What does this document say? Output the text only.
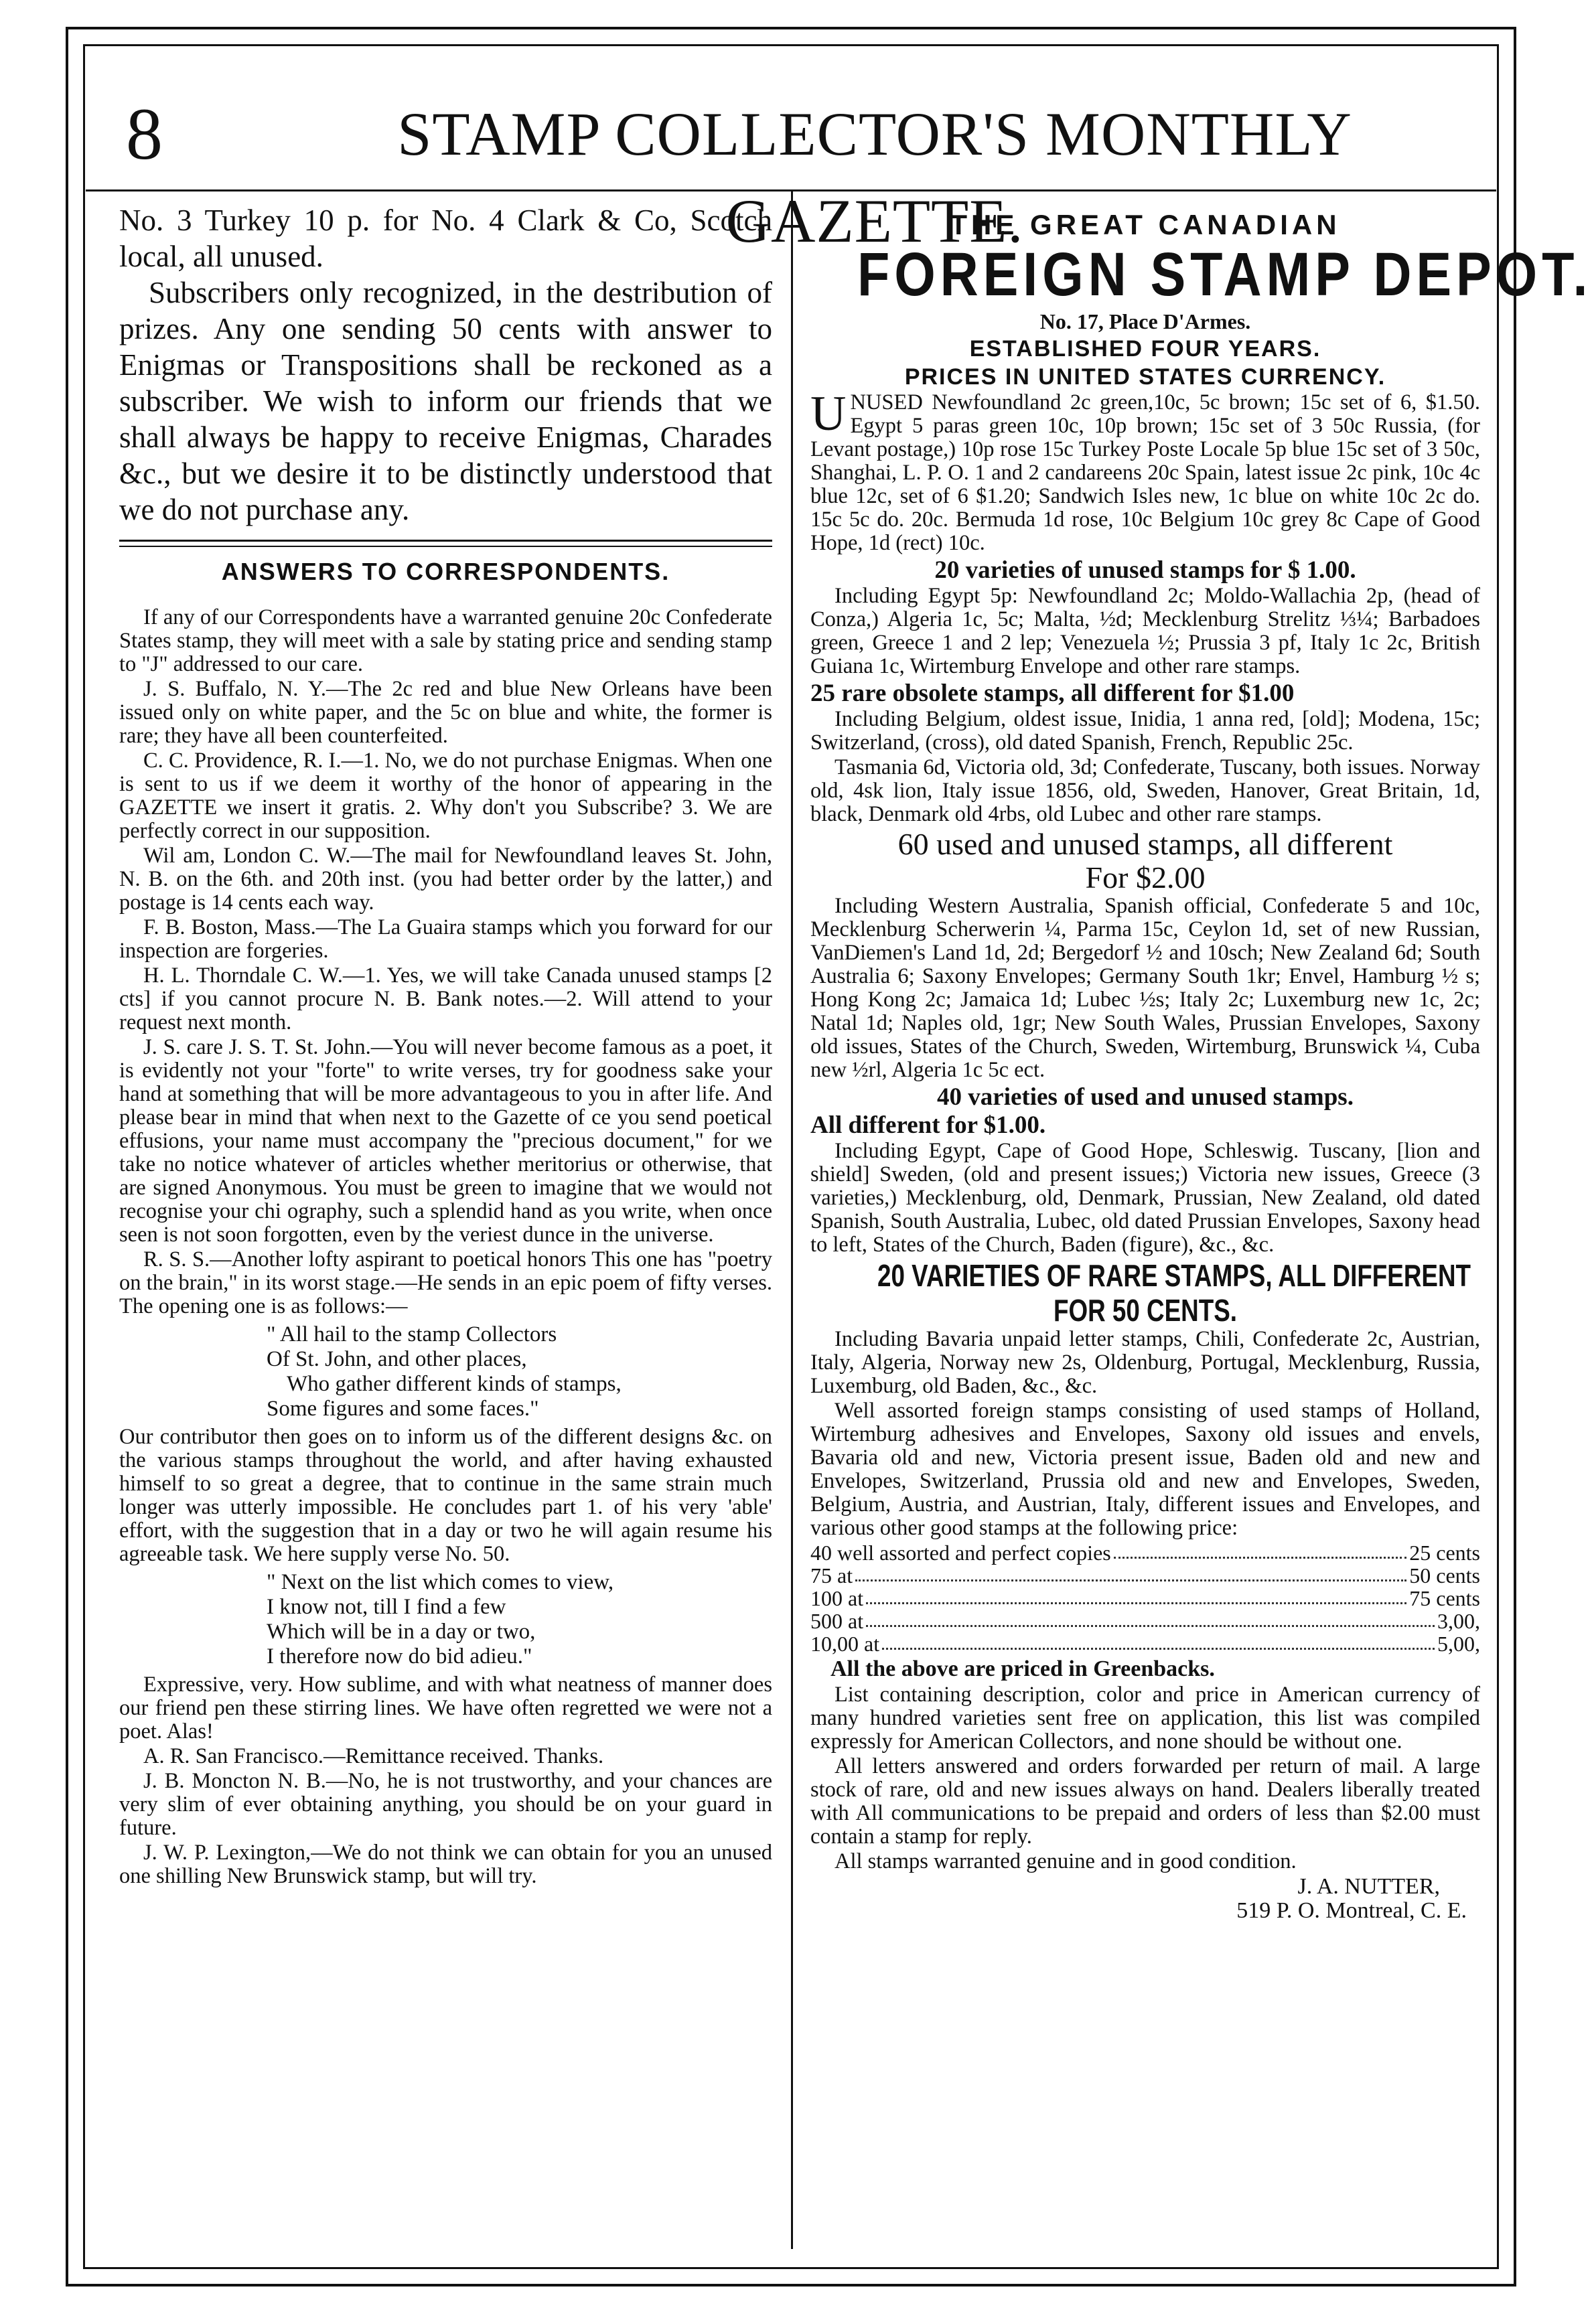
8	STAMP COLLECTOR'S MONTHLY GAZETTE.

No. 3 Turkey 10 p. for No. 4 Clark & Co, Scotch local, all unused.

Subscribers only recognized, in the destribution of prizes. Any one sending 50 cents with answer to Enigmas or Transpositions shall be reckoned as a subscriber. We wish to inform our friends that we shall always be happy to receive Enigmas, Charades &c., but we desire it to be distinctly understood that we do not purchase any.

ANSWERS TO CORRESPONDENTS.

If any of our Correspondents have a warranted genuine 20c Confederate States stamp, they will meet with a sale by stating price and sending stamp to "J" addressed to our care.

J. S. Buffalo, N. Y.—The 2c red and blue New Orleans have been issued only on white paper, and the 5c on blue and white, the former is rare; they have all been counterfeited.

C. C. Providence, R. I.—1. No, we do not purchase Enigmas. When one is sent to us if we deem it worthy of the honor of appearing in the GAZETTE we insert it gratis. 2. Why don't you Subscribe? 3. We are perfectly correct in our supposition.

Wil am, London C. W.—The mail for Newfoundland leaves St. John, N. B. on the 6th. and 20th inst. (you had better order by the latter,) and postage is 14 cents each way.

F. B. Boston, Mass.—The La Guaira stamps which you forward for our inspection are forgeries.

H. L. Thorndale C. W.—1. Yes, we will take Canada unused stamps [2 cts] if you cannot procure N. B. Bank notes.—2. Will attend to your request next month.

J. S. care J. S. T. St. John.—You will never become famous as a poet, it is evidently not your "forte" to write verses, try for goodness sake your hand at something that will be more advantageous to you in after life. And please bear in mind that when next to the Gazette of ce you send poetical effusions, your name must accompany the "precious document," for we take no notice whatever of articles whether meritorius or otherwise, that are signed Anonymous. You must be green to imagine that we would not recognise your chi ography, such a splendid hand as you write, when once seen is not soon forgotten, even by the veriest dunce in the universe.

R. S. S.—Another lofty aspirant to poetical honors This one has "poetry on the brain," in its worst stage.—He sends in an epic poem of fifty verses. The opening one is as follows:—

" All hail to the stamp Collectors
Of St. John, and other places,
Who gather different kinds of stamps,
Some figures and some faces."

Our contributor then goes on to inform us of the different designs &c. on the various stamps throughout the world, and after having exhausted himself to so great a degree, that to continue in the same strain much longer was utterly impossible. He concludes part 1. of his very 'able' effort, with the suggestion that in a day or two he will again resume his agreeable task. We here supply verse No. 50.

" Next on the list which comes to view,
I know not, till I find a few
Which will be in a day or two,
I therefore now do bid adieu."

Expressive, very. How sublime, and with what neatness of manner does our friend pen these stirring lines. We have often regretted we were not a poet. Alas!

A. R. San Francisco.—Remittance received. Thanks.

J. B. Moncton N. B.—No, he is not trustworthy, and your chances are very slim of ever obtaining anything, you should be on your guard in future.

J. W. P. Lexington,—We do not think we can obtain for you an unused one shilling New Brunswick stamp, but will try.

THE GREAT CANADIAN
FOREIGN STAMP DEPOT.
No. 17, Place D'Armes.
ESTABLISHED FOUR YEARS.
PRICES IN UNITED STATES CURRENCY.

UNUSED Newfoundland 2c green,10c, 5c brown; 15c set of 6, $1.50. Egypt 5 paras green 10c, 10p brown; 15c set of 3 50c Russia, (for Levant postage,) 10p rose 15c Turkey Poste Locale 5p blue 15c set of 3 50c, Shanghai, L. P. O. 1 and 2 candareens 20c Spain, latest issue 2c pink, 10c 4c blue 12c, set of 6 $1.20; Sandwich Isles new, 1c blue on white 10c 2c do. 15c 5c do. 20c. Bermuda 1d rose, 10c Belgium 10c grey 8c Cape of Good Hope, 1d (rect) 10c.

20 varieties of unused stamps for $ 1.00.

Including Egypt 5p: Newfoundland 2c; Moldo-Wallachia 2p, (head of Conza,) Algeria 1c, 5c; Malta, ½d; Mecklenburg Strelitz ⅓¼; Barbadoes green, Greece 1 and 2 lep; Venezuela ½; Prussia 3 pf, Italy 1c 2c, British Guiana 1c, Wirtemburg Envelope and other rare stamps.

25 rare obsolete stamps, all different for $1.00

Including Belgium, oldest issue, Inidia, 1 anna red, [old]; Modena, 15c; Switzerland, (cross), old dated Spanish, French, Republic 25c.

Tasmania 6d, Victoria old, 3d; Confederate, Tuscany, both issues. Norway old, 4sk lion, Italy issue 1856, old, Sweden, Hanover, Great Britain, 1d, black, Denmark old 4rbs, old Lubec and other rare stamps.

60 used and unused stamps, all different
For $2.00

Including Western Australia, Spanish official, Confederate 5 and 10c, Mecklenburg Scherwerin ¼, Parma 15c, Ceylon 1d, set of new Russian, VanDiemen's Land 1d, 2d; Bergedorf ½ and 10sch; New Zealand 6d; South Australia 6; Saxony Envelopes; Germany South 1kr; Envel, Hamburg ½ s; Hong Kong 2c; Jamaica 1d; Lubec ½s; Italy 2c; Luxemburg new 1c, 2c; Natal 1d; Naples old, 1gr; New South Wales, Prussian Envelopes, Saxony old issues, States of the Church, Sweden, Wirtemburg, Brunswick ¼, Cuba new ½rl, Algeria 1c 5c ect.

40 varieties of used and unused stamps.
All different for $1.00.

Including Egypt, Cape of Good Hope, Schleswig. Tuscany, [lion and shield] Sweden, (old and present issues;) Victoria new issues, Greece (3 varieties,) Mecklenburg, old, Denmark, Prussian, New Zealand, old dated Spanish, South Australia, Lubec, old dated Prussian Envelopes, Saxony head to left, States of the Church, Baden (figure), &c., &c.

20 VARIETIES OF RARE STAMPS, ALL DIFFERENT
FOR 50 CENTS.

Including Bavaria unpaid letter stamps, Chili, Confederate 2c, Austrian, Italy, Algeria, Norway new 2s, Oldenburg, Portugal, Mecklenburg, Russia, Luxemburg, old Baden, &c., &c.

Well assorted foreign stamps consisting of used stamps of Holland, Wirtemburg adhesives and Envelopes, Saxony old issues and envels, Bavaria old and new, Victoria present issue, Baden old and new and Envelopes, Switzerland, Prussia old and new and Envelopes, Sweden, Belgium, Austria, and Austrian, Italy, different issues and Envelopes, and various other good stamps at the following price:

40 well assorted and perfect copies	25 cents
75 at	50 cents
100 at	75 cents
500 at	3,00,
10,00 at	5,00,
All the above are priced in Greenbacks.

List containing description, color and price in American currency of many hundred varieties sent free on application, this list was compiled expressly for American Collectors, and none should be without one.

All letters answered and orders forwarded per return of mail. A large stock of rare, old and new issues always on hand. Dealers liberally treated with All communications to be prepaid and orders of less than $2.00 must contain a stamp for reply.

All stamps warranted genuine and in good condition.

J. A. NUTTER,
519 P. O. Montreal, C. E.
